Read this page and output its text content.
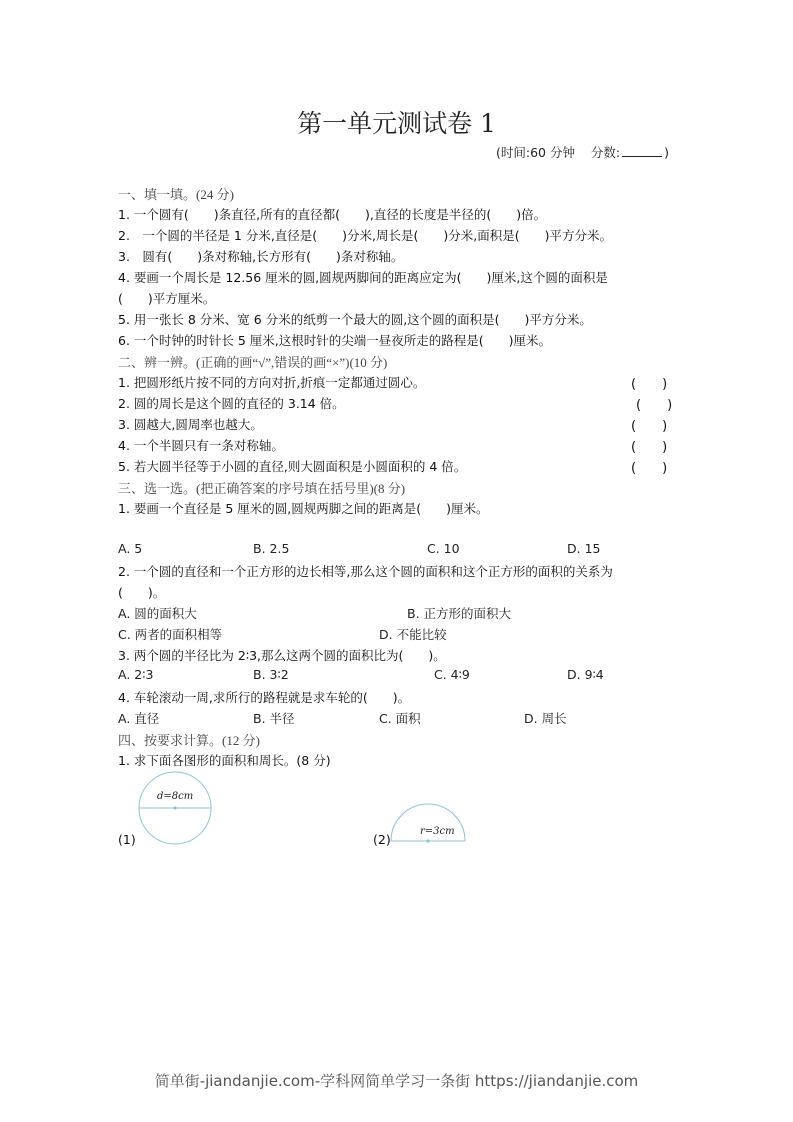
第一单元测试卷 1
(时间:60 分钟 分数:	)
一、填一填。(24 分)
1. 一个圆有(　　)条直径,所有的直径都(　　),直径的长度是半径的(　　)倍。
2.　一个圆的半径是 1 分米,直径是(　　)分米,周长是(　　)分米,面积是(　　)平方分米。
3.　圆有(　　)条对称轴,长方形有(　　)条对称轴。
4. 要画一个周长是 12.56 厘米的圆,圆规两脚间的距离应定为(　　)厘米,这个圆的面积是
(　　)平方厘米。
5. 用一张长 8 分米、宽 6 分米的纸剪一个最大的圆,这个圆的面积是(　　)平方分米。
6. 一个时钟的时针长 5 厘米,这根时针的尖端一昼夜所走的路程是(　　)厘米。
二、辨一辨。(正确的画“√”,错误的画“×”)(10 分)
1. 把圆形纸片按不同的方向对折,折痕一定都通过圆心。	(　　)
2. 圆的周长是这个圆的直径的 3.14 倍。	(　　)
3. 圆越大,圆周率也越大。	(　　)
4. 一个半圆只有一条对称轴。	(　　)
5. 若大圆半径等于小圆的直径,则大圆面积是小圆面积的 4 倍。	(　　)
三、选一选。(把正确答案的序号填在括号里)(8 分)
1. 要画一个直径是 5 厘米的圆,圆规两脚之间的距离是(　　)厘米。
A. 5	B. 2.5	C. 10	D. 15
2. 一个圆的直径和一个正方形的边长相等,那么这个圆的面积和这个正方形的面积的关系为
(　　)。
A. 圆的面积大	B. 正方形的面积大
C. 两者的面积相等	D. 不能比较
3. 两个圆的半径比为 2∶3,那么这两个圆的面积比为(　　)。
A. 2∶3	B. 3∶2	C. 4∶9	D. 9∶4
4. 车轮滚动一周,求所行的路程就是求车轮的(　　)。
A. 直径	B. 半径	C. 面积	D. 周长
四、按要求计算。(12 分)
1. 求下面各图形的面积和周长。(8 分)
d=8cm
(1)
r=3cm
(2)
简单街-jiandanjie.com-学科网简单学习一条街 https://jiandanjie.com
